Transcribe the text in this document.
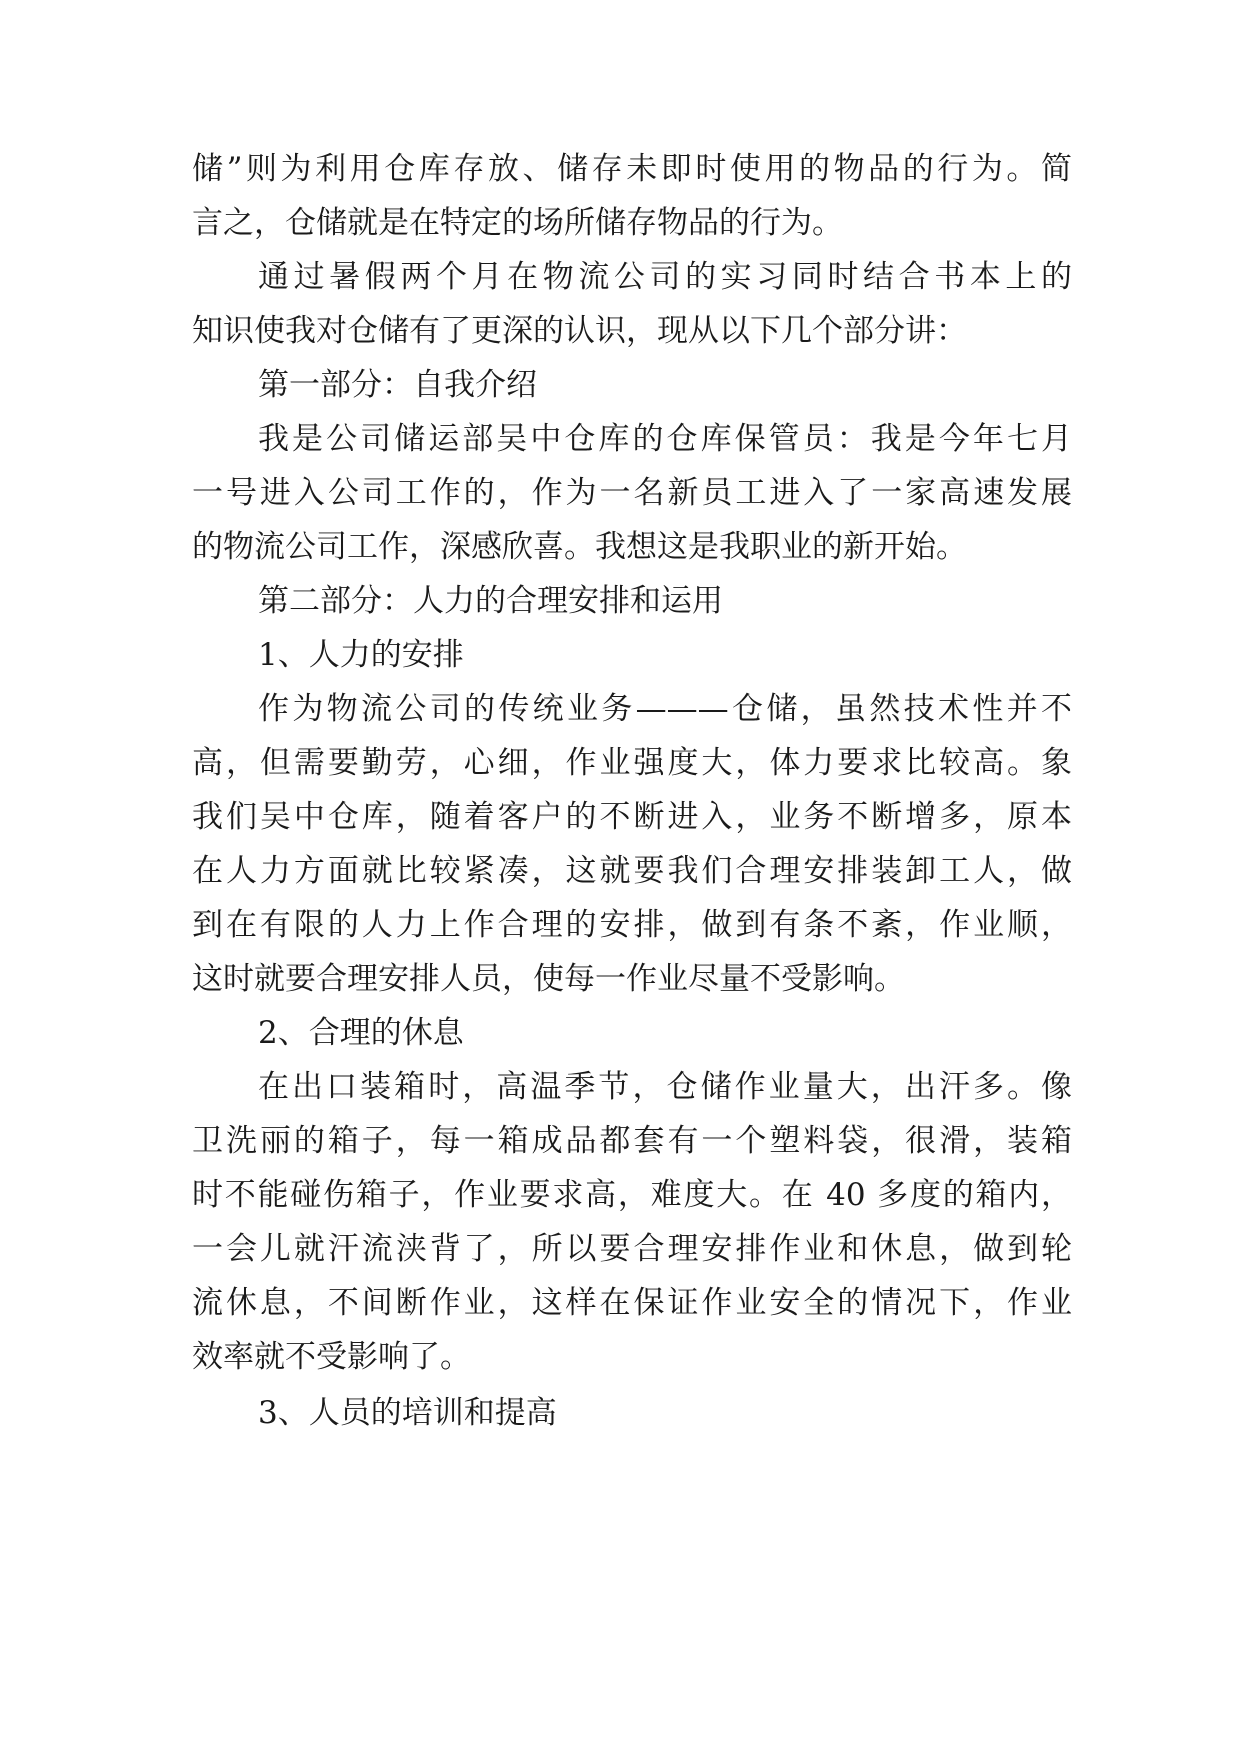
储”则为利用仓库存放、储存未即时使用的物品的行为。简
言之，仓储就是在特定的场所储存物品的行为。
通过暑假两个月在物流公司的实习同时结合书本上的
知识使我对仓储有了更深的认识，现从以下几个部分讲：
第一部分：自我介绍
我是公司储运部吴中仓库的仓库保管员：我是今年七月
一号进入公司工作的，作为一名新员工进入了一家高速发展
的物流公司工作，深感欣喜。我想这是我职业的新开始。
第二部分：人力的合理安排和运用
1、人力的安排
作为物流公司的传统业务———仓储，虽然技术性并不
高，但需要勤劳，心细，作业强度大，体力要求比较高。象
我们吴中仓库，随着客户的不断进入，业务不断增多，原本
在人力方面就比较紧凑，这就要我们合理安排装卸工人，做
到在有限的人力上作合理的安排，做到有条不紊，作业顺，
这时就要合理安排人员，使每一作业尽量不受影响。
2、合理的休息
在出口装箱时，高温季节，仓储作业量大，出汗多。像
卫洗丽的箱子，每一箱成品都套有一个塑料袋，很滑，装箱
时不能碰伤箱子，作业要求高，难度大。在 40 多度的箱内，
一会儿就汗流浃背了，所以要合理安排作业和休息，做到轮
流休息，不间断作业，这样在保证作业安全的情况下，作业
效率就不受影响了。
3、人员的培训和提高
